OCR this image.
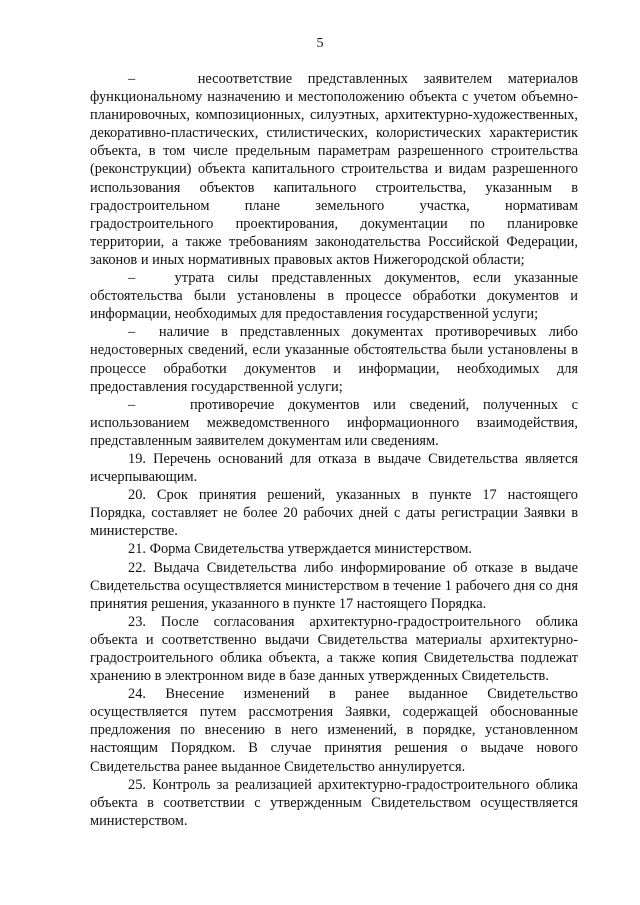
5

–    несоответствие представленных заявителем материалов функциональному назначению и местоположению объекта с учетом объемно-планировочных, композиционных, силуэтных, архитектурно-художественных, декоративно-пластических, стилистических, колористических характеристик объекта, в том числе предельным параметрам разрешенного строительства (реконструкции) объекта капитального строительства и видам разрешенного использования объектов капитального строительства, указанным в градостроительном плане земельного участка, нормативам градостроительного проектирования, документации по планировке территории, а также требованиям законодательства Российской Федерации, законов и иных нормативных правовых актов Нижегородской области;

–   утрата силы представленных документов, если указанные обстоятельства были установлены в процессе обработки документов и информации, необходимых для предоставления государственной услуги;

–  наличие в представленных документах противоречивых либо недостоверных сведений, если указанные обстоятельства были установлены в процессе обработки документов и информации, необходимых для предоставления государственной услуги;

–    противоречие документов или сведений, полученных с использованием межведомственного информационного взаимодействия, представленным заявителем документам или сведениям.

19. Перечень оснований для отказа в выдаче Свидетельства является исчерпывающим.

20. Срок принятия решений, указанных в пункте 17 настоящего Порядка, составляет не более 20 рабочих дней с даты регистрации Заявки в министерстве.

21. Форма Свидетельства утверждается министерством.

22. Выдача Свидетельства либо информирование об отказе в выдаче Свидетельства осуществляется министерством в течение 1 рабочего дня со дня принятия решения, указанного в пункте 17 настоящего Порядка.

23. После согласования архитектурно-градостроительного облика объекта и соответственно выдачи Свидетельства материалы архитектурно-градостроительного облика объекта, а также копия Свидетельства подлежат хранению в электронном виде в базе данных утвержденных Свидетельств.

24. Внесение изменений в ранее выданное Свидетельство осуществляется путем рассмотрения Заявки, содержащей обоснованные предложения по внесению в него изменений, в порядке, установленном настоящим Порядком. В случае принятия решения о выдаче нового Свидетельства ранее выданное Свидетельство аннулируется.

25. Контроль за реализацией архитектурно-градостроительного облика объекта в соответствии с утвержденным Свидетельством осуществляется министерством.
